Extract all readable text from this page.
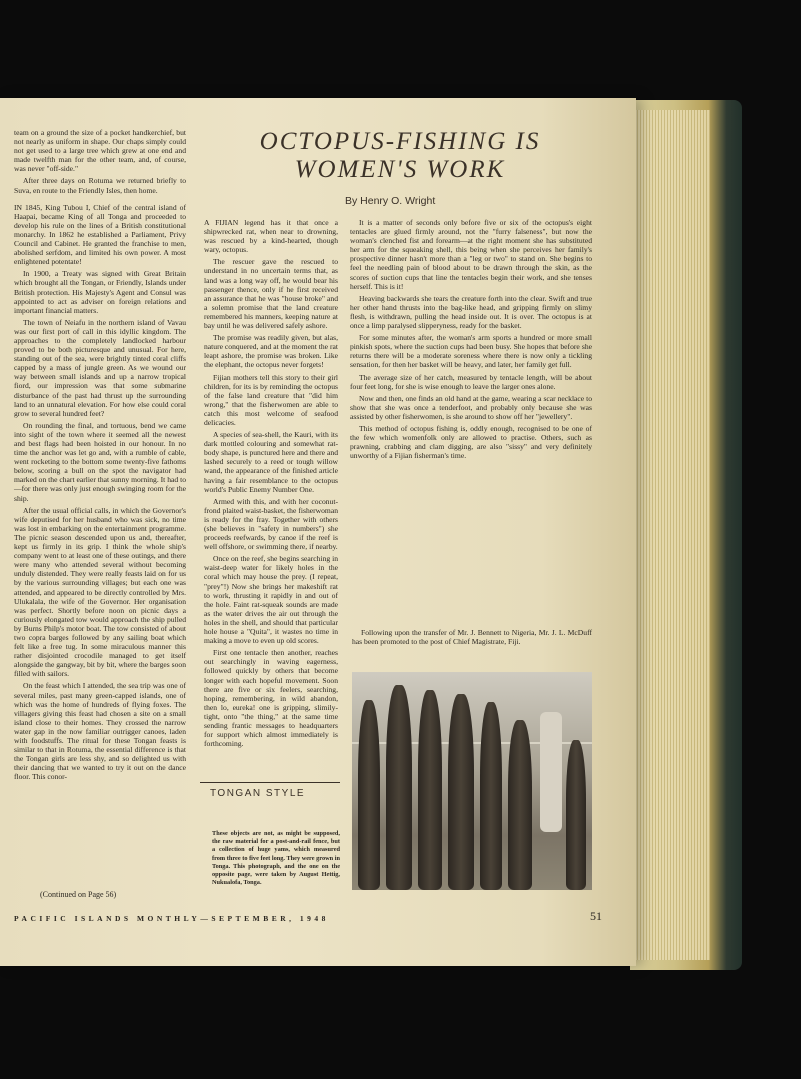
team on a ground the size of a pocket handkerchief, but not nearly as uniform in shape. Our chaps simply could not get used to a large tree which grew at one end and made twelfth man for the other team, and, of course, was never "off-side."

After three days on Rotuma we returned briefly to Suva, en route to the Friendly Isles, then home.

IN 1845, King Tubou I, Chief of the central island of Haapai, became King of all Tonga and proceeded to develop his rule on the lines of a British constitutional monarchy. In 1862 he established a Parliament, Privy Council and Cabinet. He granted the franchise to men, abolished serfdom, and limited his own power. A most enlightened potentate!

In 1900, a Treaty was signed with Great Britain which brought all the Tongan, or Friendly, Islands under British protection. His Majesty's Agent and Consul was appointed to act as adviser on foreign relations and important financial matters.

The town of Neiafu in the northern island of Vavau was our first port of call in this idyllic kingdom. The approaches to the completely landlocked harbour proved to be both picturesque and unusual. For here, standing out of the sea, were brightly tinted coral cliffs capped by a mass of jungle green. As we wound our way between small islands and up a narrow tropical fiord, our impression was that some submarine disturbance of the past had thrust up the surrounding land to an unnatural elevation. For how else could coral grow to several hundred feet?

On rounding the final, and tortuous, bend we came into sight of the town where it seemed all the newest and best flags had been hoisted in our honour. In no time the anchor was let go and, with a rumble of cable, went rocketing to the bottom some twenty-five fathoms below, scoring a bull on the spot the navigator had marked on the chart earlier that sunny morning. It had to—for there was only just enough swinging room for the ship.

After the usual official calls, in which the Governor's wife deputised for her husband who was sick, no time was lost in embarking on the entertainment programme. The picnic season descended upon us and, thereafter, kept us firmly in its grip. I think the whole ship's company went to at least one of these outings, and there were many who attended several without becoming unduly distended. They were really feasts laid on for us by the various surrounding villages; but each one was attended, and appeared to be directly controlled by Mrs. Ulukalala, the wife of the Governor. Her organisation was perfect. Shortly before noon on picnic days a curiously elongated tow would approach the ship pulled by Burns Philp's motor boat. The tow consisted of about two copra barges followed by any sailing boat which felt like a free tug. In some miraculous manner this rather disjointed crocodile managed to get itself alongside the gangway, bit by bit, where the barges soon filled with sailors.

On the feast which I attended, the sea trip was one of several miles, past many green-capped islands, one of which was the home of hundreds of flying foxes. The villagers giving this feast had chosen a site on a small island close to their homes. They crossed the narrow water gap in the now familiar outrigger canoes, laden with foodstuffs. The ritual for these Tongan feasts is similar to that in Rotuma, the essential difference is that the Tongan girls are less shy, and so delighted us with their dancing that we wanted to try it out on the dance floor. This conor-

OCTOPUS-FISHING IS WOMEN'S WORK
By Henry O. Wright

A FIJIAN legend has it that once a shipwrecked rat, when near to drowning, was rescued by a kind-hearted, though wary, octopus.

The rescuer gave the rescued to understand in no uncertain terms that, as land was a long way off, he would bear his passenger thence, only if he first received an assurance that he was "house broke" and a solemn promise that the land creature remembered his manners, keeping nature at bay until he was delivered safely ashore.

The promise was readily given, but alas, nature conquered, and at the moment the rat leapt ashore, the promise was broken. Like the elephant, the octopus never forgets!

Fijian mothers tell this story to their girl children, for its is by reminding the octopus of the false land creature that "did him wrong," that the fisherwomen are able to catch this most welcome of seafood delicacies.

A species of sea-shell, the Kauri, with its dark mottled colouring and somewhat rat-body shape, is punctured here and there and lashed securely to a reed or tough willow wand, the appearance of the finished article having a fair resemblance to the octopus world's Public Enemy Number One.

Armed with this, and with her coconut-frond plaited waist-basket, the fisherwoman is ready for the fray. Together with others (she believes in "safety in numbers") she proceeds reefwards, by canoe if the reef is well offshore, or swimming there, if nearby.

Once on the reef, she begins searching in waist-deep water for likely holes in the coral which may house the prey. (I repeat, "prey"!) Now she brings her makeshift rat to work, thrusting it rapidly in and out of the hole. Faint rat-squeak sounds are made as the water drives the air out through the holes in the shell, and should that particular hole house a "Quita", it wastes no time in making a move to even up old scores.

First one tentacle then another, reaches out searchingly in waving eagerness, followed quickly by others that become longer with each hopeful movement. Soon there are five or six feelers, searching, hoping, remembering, in wild abandon, then lo, eureka! one is gripping, slimily-tight, onto "the thing," at the same time sending frantic messages to headquarters for support which almost immediately is forthcoming.

It is a matter of seconds only before five or six of the octopus's eight tentacles are glued firmly around, not the "furry falseness", but now the woman's clenched fist and forearm—at the right moment she has substituted her arm for the squeaking shell, this being when she perceives her family's prospective dinner hasn't more than a "leg or two" to stand on. She begins to feel the needling pain of blood about to be drawn through the skin, as the scores of suction cups that line the tentacles begin their work, and she tenses herself. This is it!

Heaving backwards she tears the creature forth into the clear. Swift and true her other hand thrusts into the bag-like head, and gripping firmly on slimy flesh, is withdrawn, pulling the head inside out. It is over. The octopus is at once a limp paralysed slipperyness, ready for the basket.

For some minutes after, the woman's arm sports a hundred or more small pinkish spots, where the suction cups had been busy. She hopes that before she returns there will be a moderate soreness where there is now only a tickling sensation, for then her basket will be heavy, and later, her family get full.

The average size of her catch, measured by tentacle length, will be about four feet long, for she is wise enough to leave the larger ones alone.

Now and then, one finds an old hand at the game, wearing a scar necklace to show that she was once a tenderfoot, and probably only because she was assisted by other fisherwomen, is she around to show off her "jewellery".

This method of octopus fishing is, oddly enough, recognised to be one of the few which womenfolk only are allowed to practise. Others, such as prawning, crabbing and clam digging, are also "sissy" and very definitely unworthy of a Fijian fisherman's time.

Following upon the transfer of Mr. J. Bennett to Nigeria, Mr. J. L. McDuff has been promoted to the post of Chief Magistrate, Fiji.

TONGAN STYLE
These objects are not, as might be supposed, the raw material for a post-and-rail fence, but a collection of huge yams, which measured from three to five feet long. They were grown in Tonga. This photograph, and the one on the opposite page, were taken by August Hettig, Nukualofa, Tonga.
(Continued on Page 56)
PACIFIC ISLANDS MONTHLY—SEPTEMBER, 1948	51
